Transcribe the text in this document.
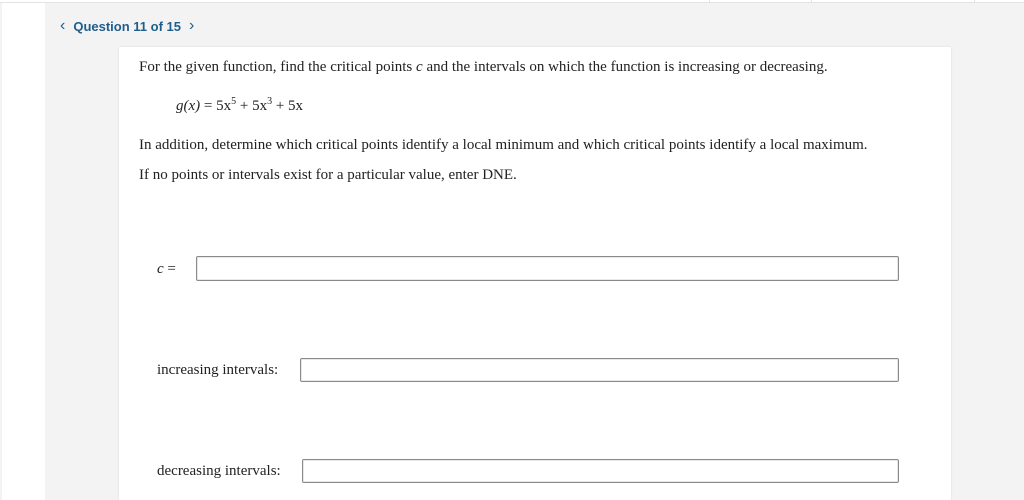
‹ Question 11 of 15 ›
For the given function, find the critical points c and the intervals on which the function is increasing or decreasing.
$g(x) = 5x^5 + 5x^3 + 5x$
In addition, determine which critical points identify a local minimum and which critical points identify a local maximum.
If no points or intervals exist for a particular value, enter DNE.
c =
increasing intervals:
decreasing intervals:
